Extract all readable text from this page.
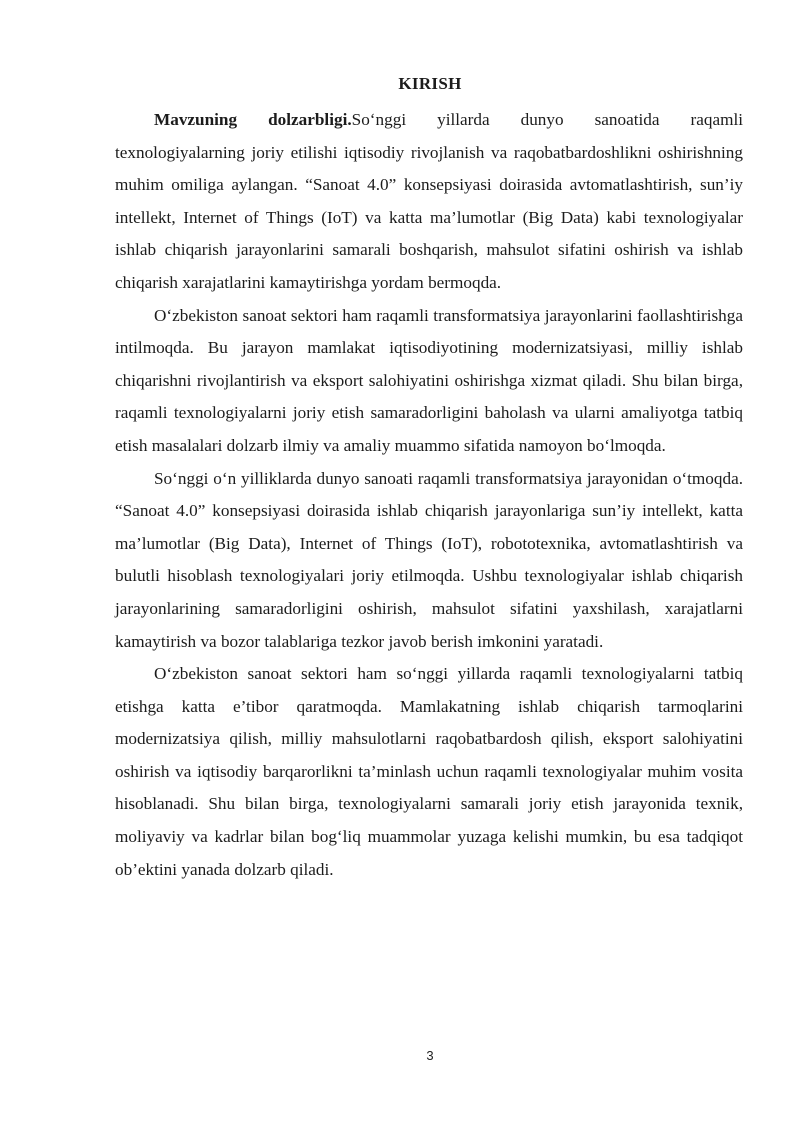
KIRISH

Mavzuning dolzarbligi.So‘nggi yillarda dunyo sanoatida raqamli texnologiyalarning joriy etilishi iqtisodiy rivojlanish va raqobatbardoshlikni oshirishning muhim omiliga aylangan. “Sanoat 4.0” konsepsiyasi doirasida avtomatlashtirish, sun’iy intellekt, Internet of Things (IoT) va katta ma’lumotlar (Big Data) kabi texnologiyalar ishlab chiqarish jarayonlarini samarali boshqarish, mahsulot sifatini oshirish va ishlab chiqarish xarajatlarini kamaytirishga yordam bermoqda.

O‘zbekiston sanoat sektori ham raqamli transformatsiya jarayonlarini faollashtirishga intilmoqda. Bu jarayon mamlakat iqtisodiyotining modernizatsiyasi, milliy ishlab chiqarishni rivojlantirish va eksport salohiyatini oshirishga xizmat qiladi. Shu bilan birga, raqamli texnologiyalarni joriy etish samaradorligini baholash va ularni amaliyotga tatbiq etish masalalari dolzarb ilmiy va amaliy muammo sifatida namoyon bo‘lmoqda.

So‘nggi o‘n yilliklarda dunyo sanoati raqamli transformatsiya jarayonidan o‘tmoqda. “Sanoat 4.0” konsepsiyasi doirasida ishlab chiqarish jarayonlariga sun’iy intellekt, katta ma’lumotlar (Big Data), Internet of Things (IoT), robototexnika, avtomatlashtirish va bulutli hisoblash texnologiyalari joriy etilmoqda. Ushbu texnologiyalar ishlab chiqarish jarayonlarining samaradorligini oshirish, mahsulot sifatini yaxshilash, xarajatlarni kamaytirish va bozor talablariga tezkor javob berish imkonini yaratadi.

O‘zbekiston sanoat sektori ham so‘nggi yillarda raqamli texnologiyalarni tatbiq etishga katta e’tibor qaratmoqda. Mamlakatning ishlab chiqarish tarmoqlarini modernizatsiya qilish, milliy mahsulotlarni raqobatbardosh qilish, eksport salohiyatini oshirish va iqtisodiy barqarorlikni ta’minlash uchun raqamli texnologiyalar muhim vosita hisoblanadi. Shu bilan birga, texnologiyalarni samarali joriy etish jarayonida texnik, moliyaviy va kadrlar bilan bog‘liq muammolar yuzaga kelishi mumkin, bu esa tadqiqot ob’ektini yanada dolzarb qiladi.

3
